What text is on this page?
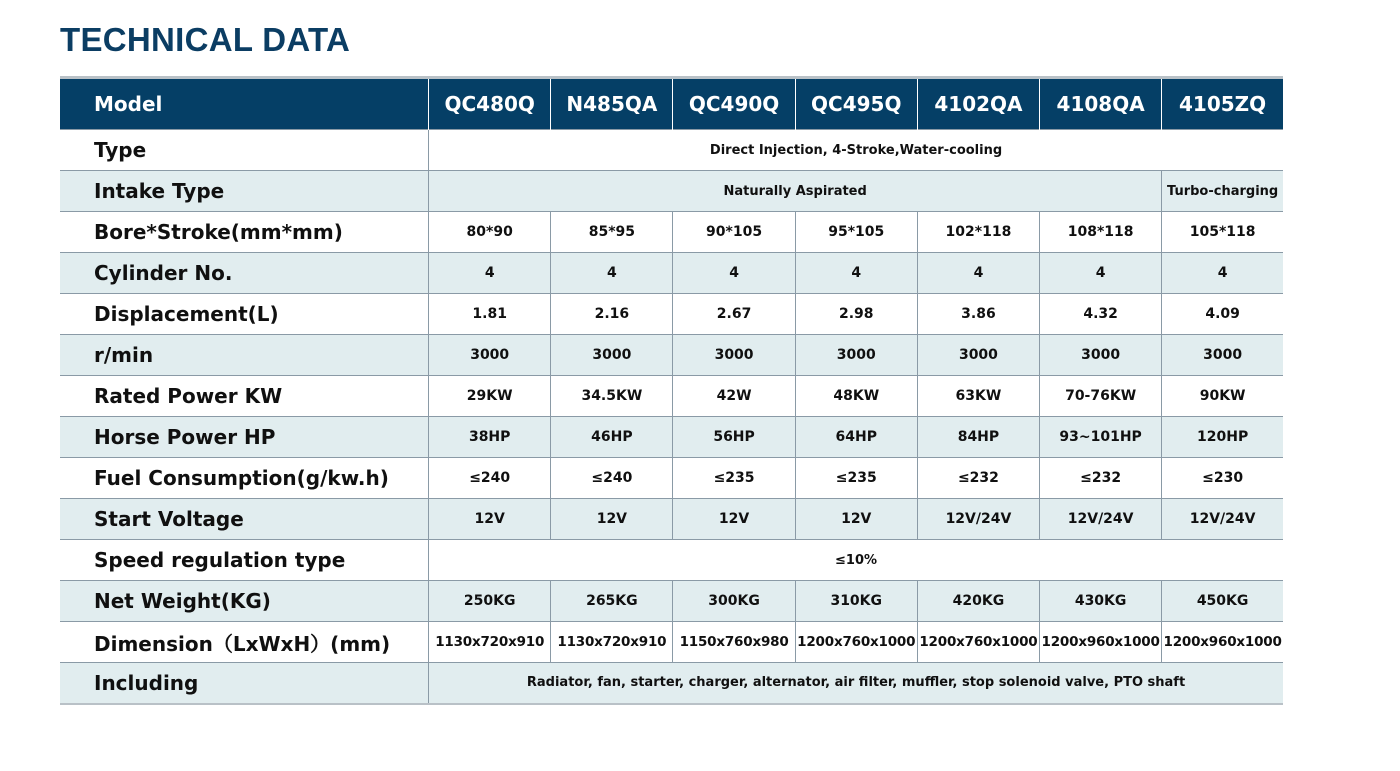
TECHNICAL DATA
Model	QC480Q	N485QA	QC490Q	QC495Q	4102QA	4108QA	4105ZQ
Type	Direct Injection, 4-Stroke,Water-cooling						
Intake Type	Naturally Aspirated						Turbo-charging
Bore*Stroke(mm*mm)	80*90	85*95	90*105	95*105	102*118	108*118	105*118
Cylinder No.	4	4	4	4	4	4	4
Displacement(L)	1.81	2.16	2.67	2.98	3.86	4.32	4.09
r/min	3000	3000	3000	3000	3000	3000	3000
Rated Power KW	29KW	34.5KW	42W	48KW	63KW	70-76KW	90KW
Horse Power HP	38HP	46HP	56HP	64HP	84HP	93~101HP	120HP
Fuel Consumption(g/kw.h)	≤240	≤240	≤235	≤235	≤232	≤232	≤230
Start Voltage	12V	12V	12V	12V	12V/24V	12V/24V	12V/24V
Speed regulation type	≤10%						
Net Weight(KG)	250KG	265KG	300KG	310KG	420KG	430KG	450KG
Dimension（LxWxH）(mm)	1130x720x910	1130x720x910	1150x760x980	1200x760x1000	1200x760x1000	1200x960x1000	1200x960x1000
Including	Radiator, fan, starter, charger, alternator, air filter, muffler, stop solenoid valve, PTO shaft						
